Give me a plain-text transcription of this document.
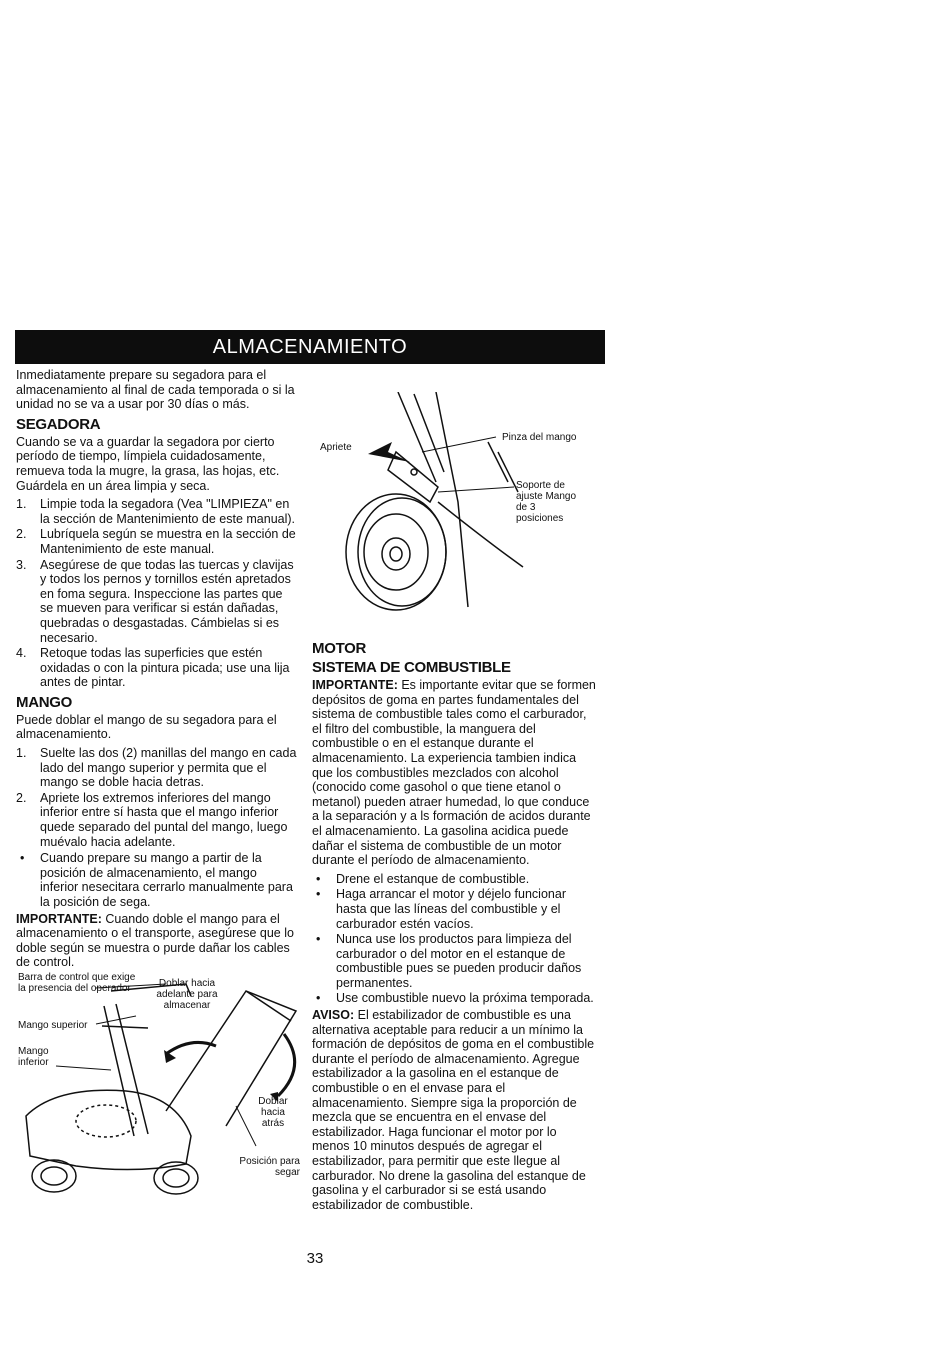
ALMACENAMIENTO

Inmediatamente prepare su segadora para el almacenamiento al final de cada temporada o si la unidad no se va a usar por 30 días o más.

SEGADORA

Cuando se va a guardar la segadora por cierto período de tiempo, límpiela cuidadosamente, remueva toda la mugre, la grasa, las hojas, etc. Guárdela en un área limpia y seca.

1.	Limpie toda la segadora (Vea "LIMPIEZA" en la sección de Mantenimiento de este manual).
2.	Lubríquela según se muestra en la sección de Mantenimiento de este manual.
3.	Asegúrese de que todas las tuercas y clavijas y todos los pernos y tornillos estén apretados en foma segura. Inspeccione las partes que se mueven para verificar si están dañadas, quebradas o desgastadas. Cámbielas si es necesario.
4.	Retoque todas las superficies que estén oxidadas o con la pintura picada; use una lija antes de pintar.
MANGO

Puede doblar el mango de su segadora para el almacenamiento.

1.	Suelte las dos (2) manillas del mango en cada lado del mango superior y permita que el mango se doble hacia detras.
2.	Apriete los extremos inferiores del mango inferior entre sí hasta que el mango inferior quede separado del puntal del mango, luego muévalo hacia adelante.
• Cuando prepare su mango a partir de la posición de almacenamiento, el mango inferior nesecitara cerrarlo manualmente para la posición de sega.

IMPORTANTE: Cuando doble el mango para el almacenamiento o el transporte, asegúrese que lo doble según se muestra o purde dañar los cables de control.

Barra de control que exige la presencia del operador	Doblar hacia adelante para almacenar
Mango superior
Mango inferior
Doblar hacia atrás
Posición para segar
Apriete
Pinza del mango
Soporte de ajuste Mango de 3 posiciones
MOTOR
SISTEMA DE COMBUSTIBLE

IMPORTANTE: Es importante evitar que se formen depósitos de goma en partes fundamentales del sistema de combustible tales como el carburador, el filtro del combustible, la manguera del combustible o en el estanque durante el almacenamiento. La experiencia tambien indica que los combustibles mezclados con alcohol (conocido come gasohol o que tiene etanol o metanol) pueden atraer humedad, lo que conduce a la separación y a ls formación de acidos durante el almacenamiento. La gasolina acidica puede dañar el sistema de combustible de un motor durante el período de almacenamiento.

• Drene el estanque de combustible.
• Haga arrancar el motor y déjelo funcionar hasta que las líneas del combustible y el carburador estén vacíos.
• Nunca use los productos para limpieza del carburador o del motor en el estanque de combustible pues se pueden producir daños permanentes.
• Use combustible nuevo la próxima temporada.

AVISO: El estabilizador de combustible es una alternativa aceptable para reducir a un mínimo la formación de depósitos de goma en el combustible durante el período de almacenamiento. Agregue estabilizador a la gasolina en el estanque de combustible o en el envase para el almacenamiento. Siempre siga la proporción de mezcla que se encuentra en el envase del estabilizador. Haga funcionar el motor por lo menos 10 minutos después de agregar el estabilizador, para permitir que este llegue al carburador. No drene la gasolina del estanque de gasolina y el carburador si se está usando estabilizador de combustible.

33
